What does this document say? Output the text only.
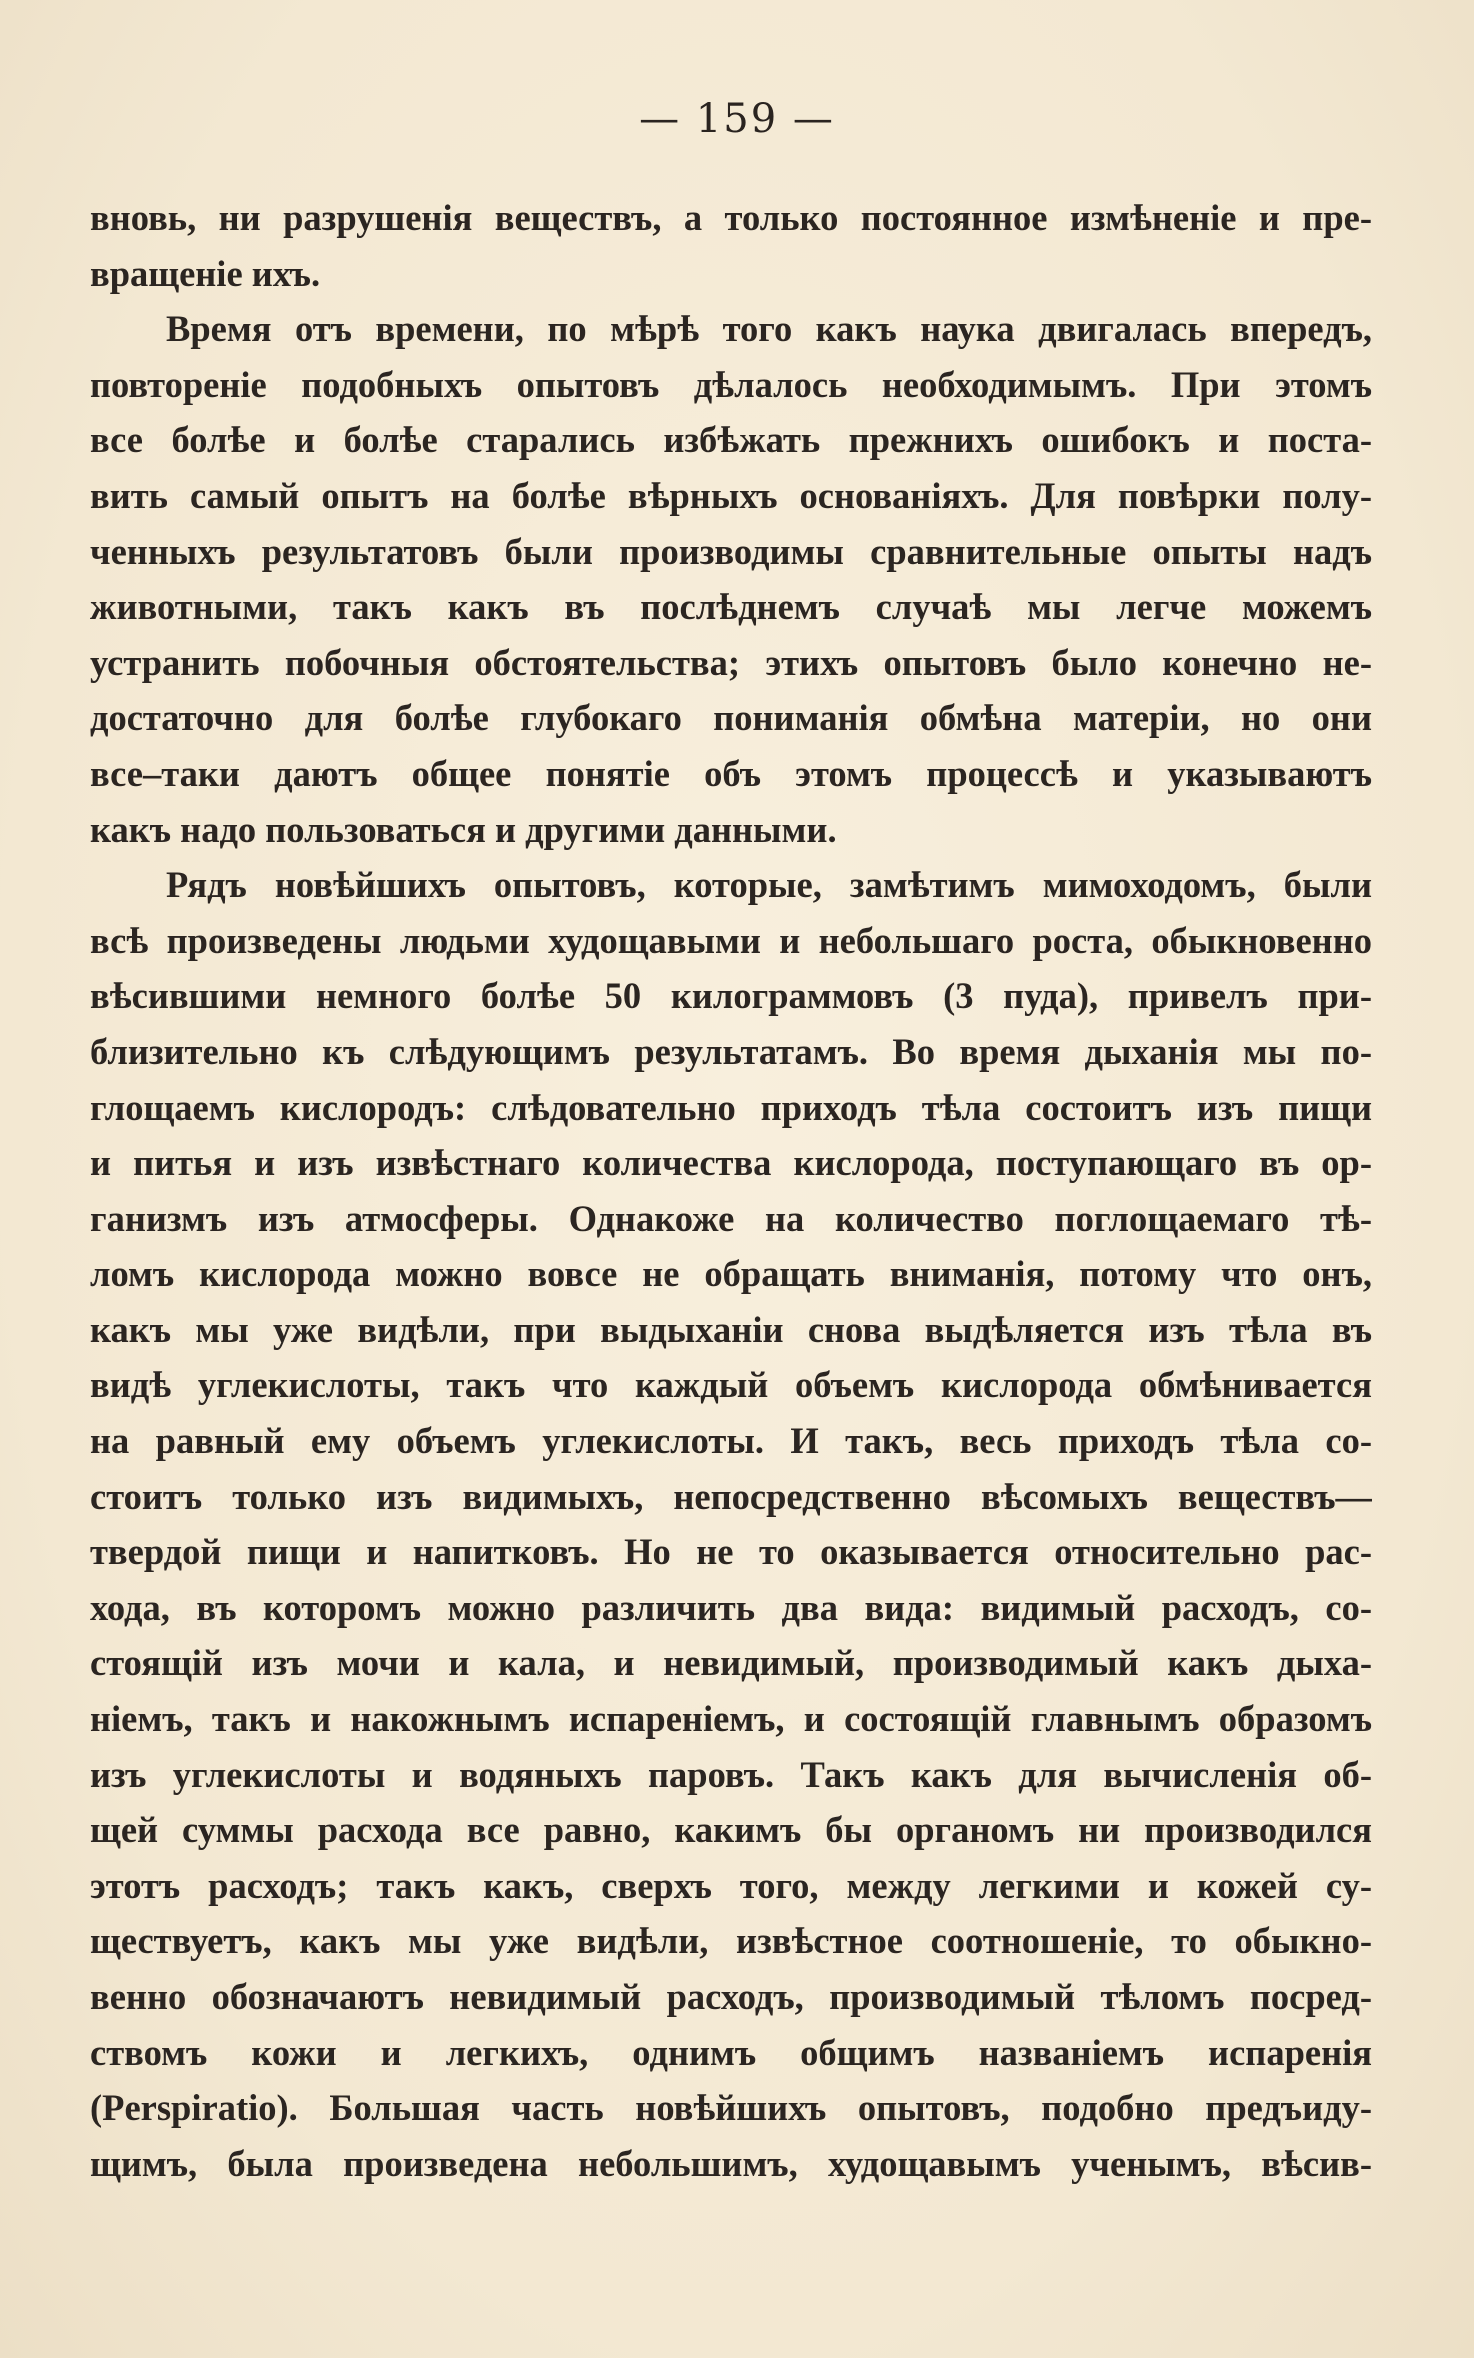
— 159 —
вновь, ни разрушенія веществъ, а только постоянное измѣненіе и пре-
вращеніе ихъ.
Время отъ времени, по мѣрѣ того какъ наука двигалась впередъ,
повтореніе подобныхъ опытовъ дѣлалось необходимымъ. При этомъ
все болѣе и болѣе старались избѣжать прежнихъ ошибокъ и поста-
вить самый опытъ на болѣе вѣрныхъ основаніяхъ. Для повѣрки полу-
ченныхъ результатовъ были производимы сравнительные опыты надъ
животными, такъ какъ въ послѣднемъ случаѣ мы легче можемъ
устранить побочныя обстоятельства; этихъ опытовъ было конечно не-
достаточно для болѣе глубокаго пониманія обмѣна матеріи, но они
все–таки даютъ общее понятіе объ этомъ процессѣ и указываютъ
какъ надо пользоваться и другими данными.
Рядъ новѣйшихъ опытовъ, которые, замѣтимъ мимоходомъ, были
всѣ произведены людьми худощавыми и небольшаго роста, обыкновенно
вѣсившими немного болѣе 50 килограммовъ (3 пуда), привелъ при-
близительно къ слѣдующимъ результатамъ. Во время дыханія мы по-
глощаемъ кислородъ: слѣдовательно приходъ тѣла состоитъ изъ пищи
и питья и изъ извѣстнаго количества кислорода, поступающаго въ ор-
ганизмъ изъ атмосферы. Однакоже на количество поглощаемаго тѣ-
ломъ кислорода можно вовсе не обращать вниманія, потому что онъ,
какъ мы уже видѣли, при выдыханіи снова выдѣляется изъ тѣла въ
видѣ углекислоты, такъ что каждый объемъ кислорода обмѣнивается
на равный ему объемъ углекислоты. И такъ, весь приходъ тѣла со-
стоитъ только изъ видимыхъ, непосредственно вѣсомыхъ веществъ—
твердой пищи и напитковъ. Но не то оказывается относительно рас-
хода, въ которомъ можно различить два вида: видимый расходъ, со-
стоящій изъ мочи и кала, и невидимый, производимый какъ дыха-
ніемъ, такъ и накожнымъ испареніемъ, и состоящій главнымъ образомъ
изъ углекислоты и водяныхъ паровъ. Такъ какъ для вычисленія об-
щей суммы расхода все равно, какимъ бы органомъ ни производился
этотъ расходъ; такъ какъ, сверхъ того, между легкими и кожей су-
ществуетъ, какъ мы уже видѣли, извѣстное соотношеніе, то обыкно-
венно обозначаютъ невидимый расходъ, производимый тѣломъ посред-
ствомъ кожи и легкихъ, однимъ общимъ названіемъ испаренія
(Perspiratio). Большая часть новѣйшихъ опытовъ, подобно предъиду-
щимъ, была произведена небольшимъ, худощавымъ ученымъ, вѣсив-
